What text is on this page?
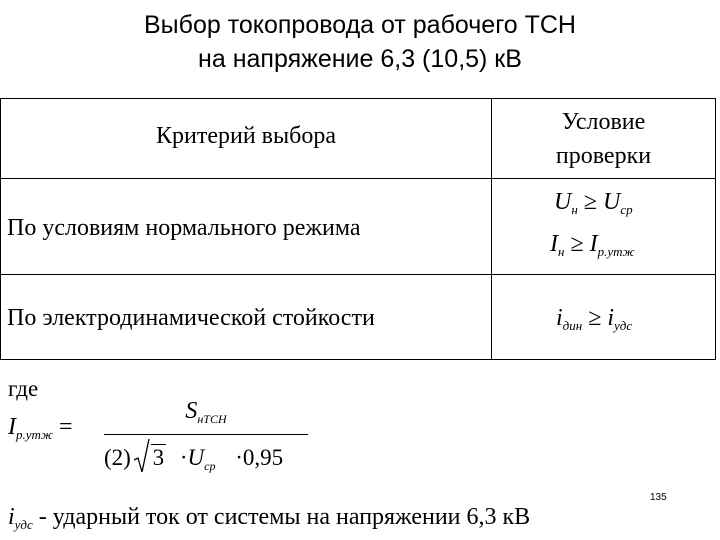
Выбор токопровода от рабочего ТСН
на напряжение 6,3 (10,5) кВ
Критерий выбора
Условие
проверки
По условиям нормального режима
$U_н \ge U_{ср}$
$I_н \ge I_{р.утж}$
По электродинамической стойкости	$i_{дин} \ge i_{удс}$
где
$I_{р.утж}$ =
$S_{нТСН}$
(2) $3 \cdot U_{ср} \cdot 0,95$
$i_{удс}$ - ударный ток от системы на напряжении 6,3 кВ
135
